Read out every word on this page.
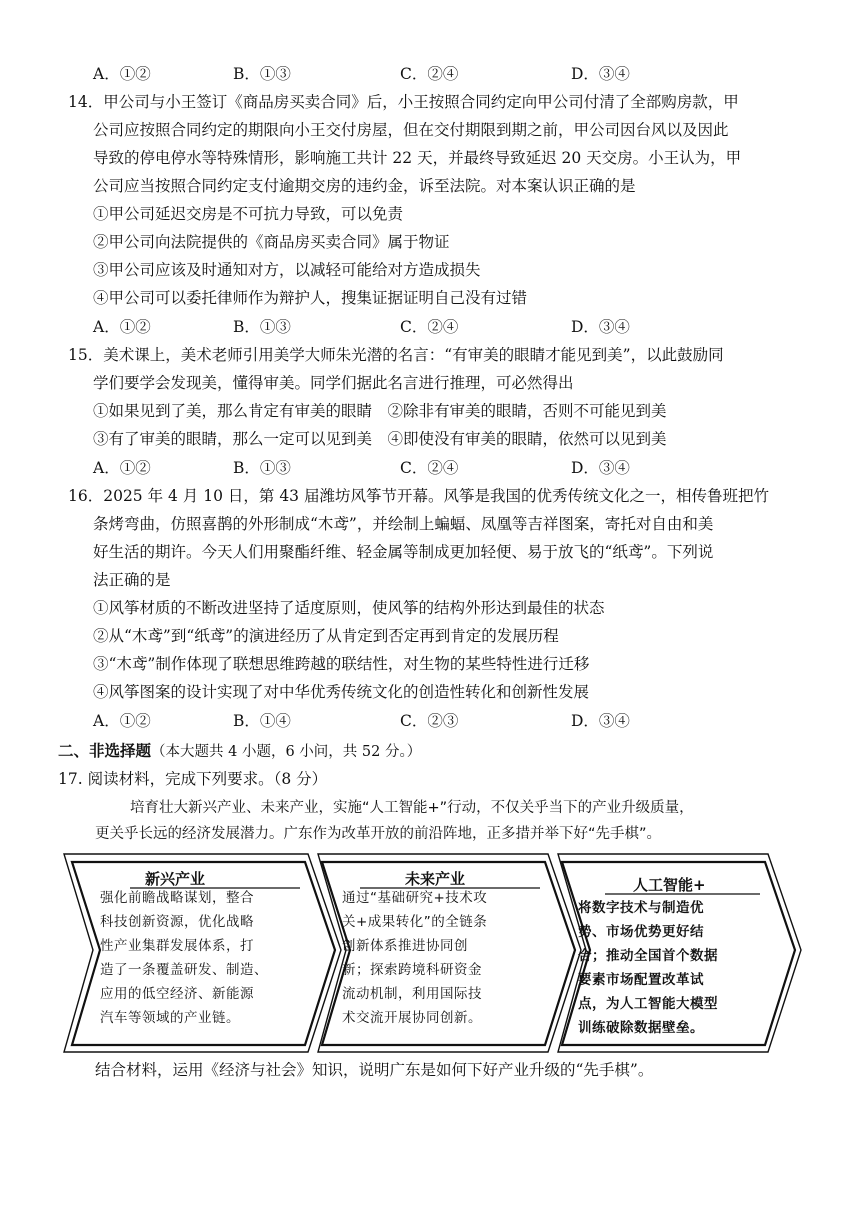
A．①②	B．①③	C．②④	D．③④
14．甲公司与小王签订《商品房买卖合同》后，小王按照合同约定向甲公司付清了全部购房款，甲
公司应按照合同约定的期限向小王交付房屋，但在交付期限到期之前，甲公司因台风以及因此
导致的停电停水等特殊情形，影响施工共计 22 天，并最终导致延迟 20 天交房。小王认为，甲
公司应当按照合同约定支付逾期交房的违约金，诉至法院。对本案认识正确的是
①甲公司延迟交房是不可抗力导致，可以免责
②甲公司向法院提供的《商品房买卖合同》属于物证
③甲公司应该及时通知对方，以减轻可能给对方造成损失
④甲公司可以委托律师作为辩护人，搜集证据证明自己没有过错
A．①②	B．①③	C．②④	D．③④
15．美术课上，美术老师引用美学大师朱光潜的名言：“有审美的眼睛才能见到美”，以此鼓励同
学们要学会发现美，懂得审美。同学们据此名言进行推理，可必然得出
①如果见到了美，那么肯定有审美的眼睛　②除非有审美的眼睛，否则不可能见到美
③有了审美的眼睛，那么一定可以见到美　④即使没有审美的眼睛，依然可以见到美
A．①②	B．①③	C．②④	D．③④
16．2025 年 4 月 10 日，第 43 届潍坊风筝节开幕。风筝是我国的优秀传统文化之一，相传鲁班把竹
条烤弯曲，仿照喜鹊的外形制成“木鸢”，并绘制上蝙蝠、凤凰等吉祥图案，寄托对自由和美
好生活的期许。今天人们用聚酯纤维、轻金属等制成更加轻便、易于放飞的“纸鸢”。下列说
法正确的是
①风筝材质的不断改进坚持了适度原则，使风筝的结构外形达到最佳的状态
②从“木鸢”到“纸鸢”的演进经历了从肯定到否定再到肯定的发展历程
③“木鸢”制作体现了联想思维跨越的联结性，对生物的某些特性进行迁移
④风筝图案的设计实现了对中华优秀传统文化的创造性转化和创新性发展
A．①②	B．①④	C．②③	D．③④
二、非选择题（本大题共 4 小题，6 小问，共 52 分。）
17. 阅读材料，完成下列要求。（8 分）
培育壮大新兴产业、未来产业，实施“人工智能+”行动，不仅关乎当下的产业升级质量，
更关乎长远的经济发展潜力。广东作为改革开放的前沿阵地，正多措并举下好“先手棋”。
新兴产业
强化前瞻战略谋划，整合
科技创新资源，优化战略
性产业集群发展体系，打
造了一条覆盖研发、制造、
应用的低空经济、新能源
汽车等领域的产业链。
未来产业
通过“基础研究+技术攻
关+成果转化”的全链条
创新体系推进协同创
新；探索跨境科研资金
流动机制，利用国际技
术交流开展协同创新。
人工智能+
将数字技术与制造优
势、市场优势更好结
合；推动全国首个数据
要素市场配置改革试
点，为人工智能大模型
训练破除数据壁垒。
结合材料，运用《经济与社会》知识，说明广东是如何下好产业升级的“先手棋”。
